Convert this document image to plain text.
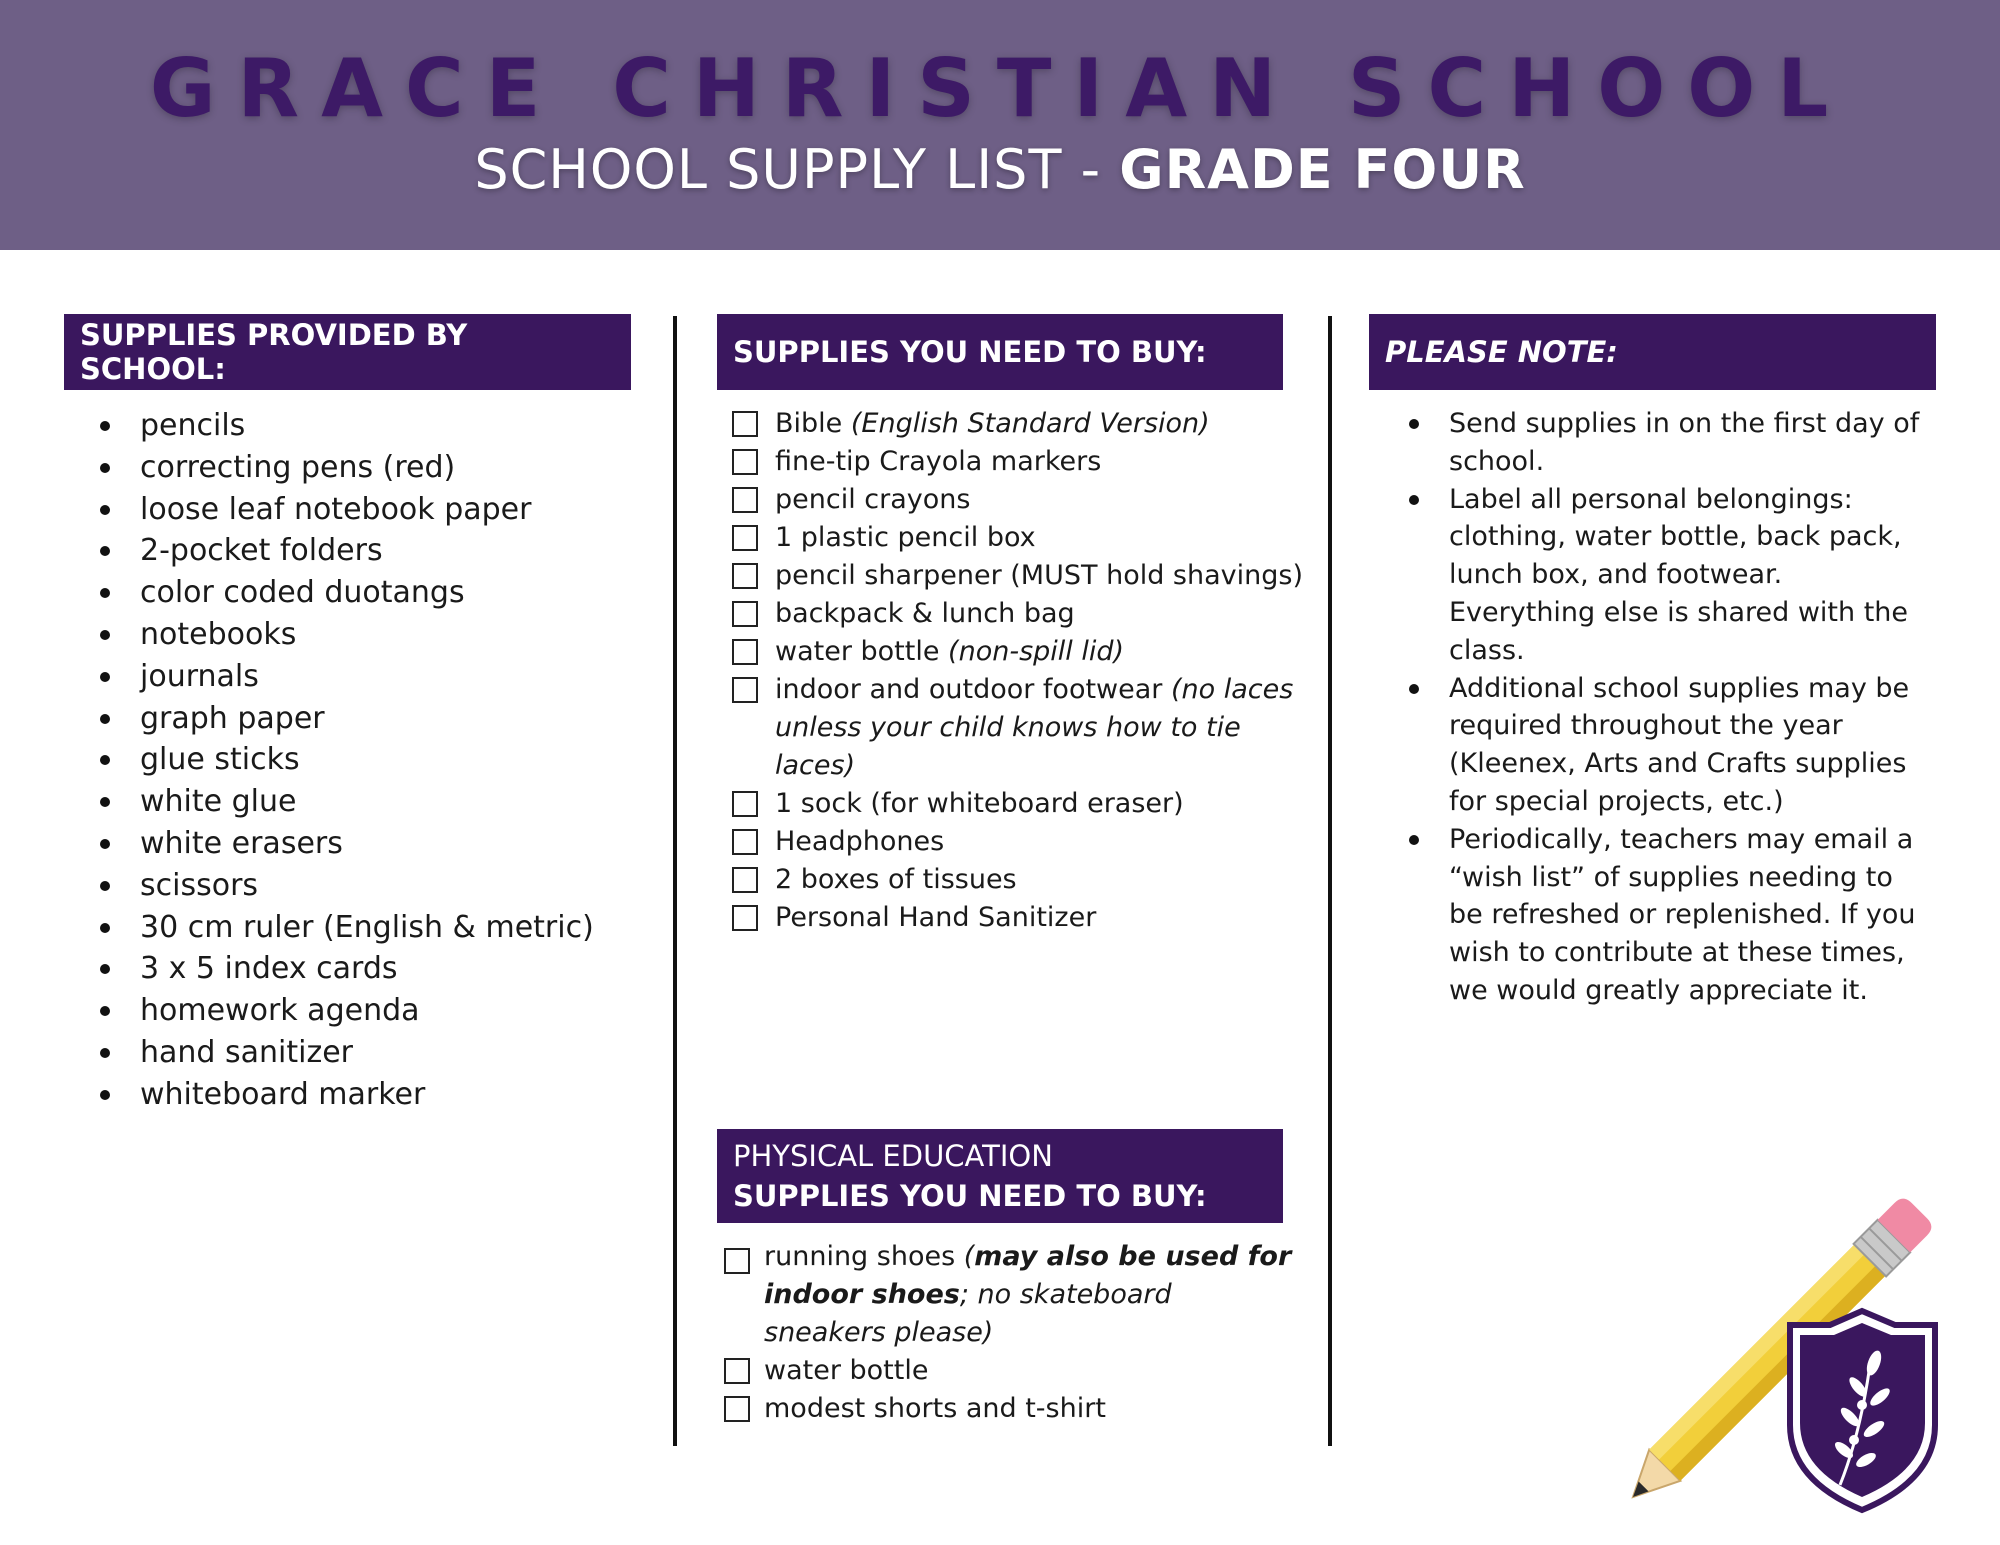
GRACE CHRISTIAN SCHOOL
SCHOOL SUPPLY LIST - GRADE FOUR
SUPPLIES PROVIDED BY SCHOOL:
pencils
correcting pens (red)
loose leaf notebook paper
2-pocket folders
color coded duotangs
notebooks
journals
graph paper
glue sticks
white glue
white erasers
scissors
30 cm ruler (English & metric)
3 x 5 index cards
homework agenda
hand sanitizer
whiteboard marker
SUPPLIES YOU NEED TO BUY:
Bible (English Standard Version)
fine-tip Crayola markers
pencil crayons
1 plastic pencil box
pencil sharpener (MUST hold shavings)
backpack & lunch bag
water bottle (non-spill lid)
indoor and outdoor footwear (no laces unless your child knows how to tie laces)
1 sock (for whiteboard eraser)
Headphones
2 boxes of tissues
Personal Hand Sanitizer
PHYSICAL EDUCATION
SUPPLIES YOU NEED TO BUY:
running shoes (may also be used for indoor shoes; no skateboard sneakers please)
water bottle
modest shorts and t-shirt
PLEASE NOTE:
Send supplies in on the first day of school.
Label all personal belongings: clothing, water bottle, back pack, lunch box, and footwear. Everything else is shared with the class.
Additional school supplies may be required throughout the year (Kleenex, Arts and Crafts supplies for special projects, etc.)
Periodically, teachers may email a “wish list” of supplies needing to be refreshed or replenished. If you wish to contribute at these times, we would greatly appreciate it.
